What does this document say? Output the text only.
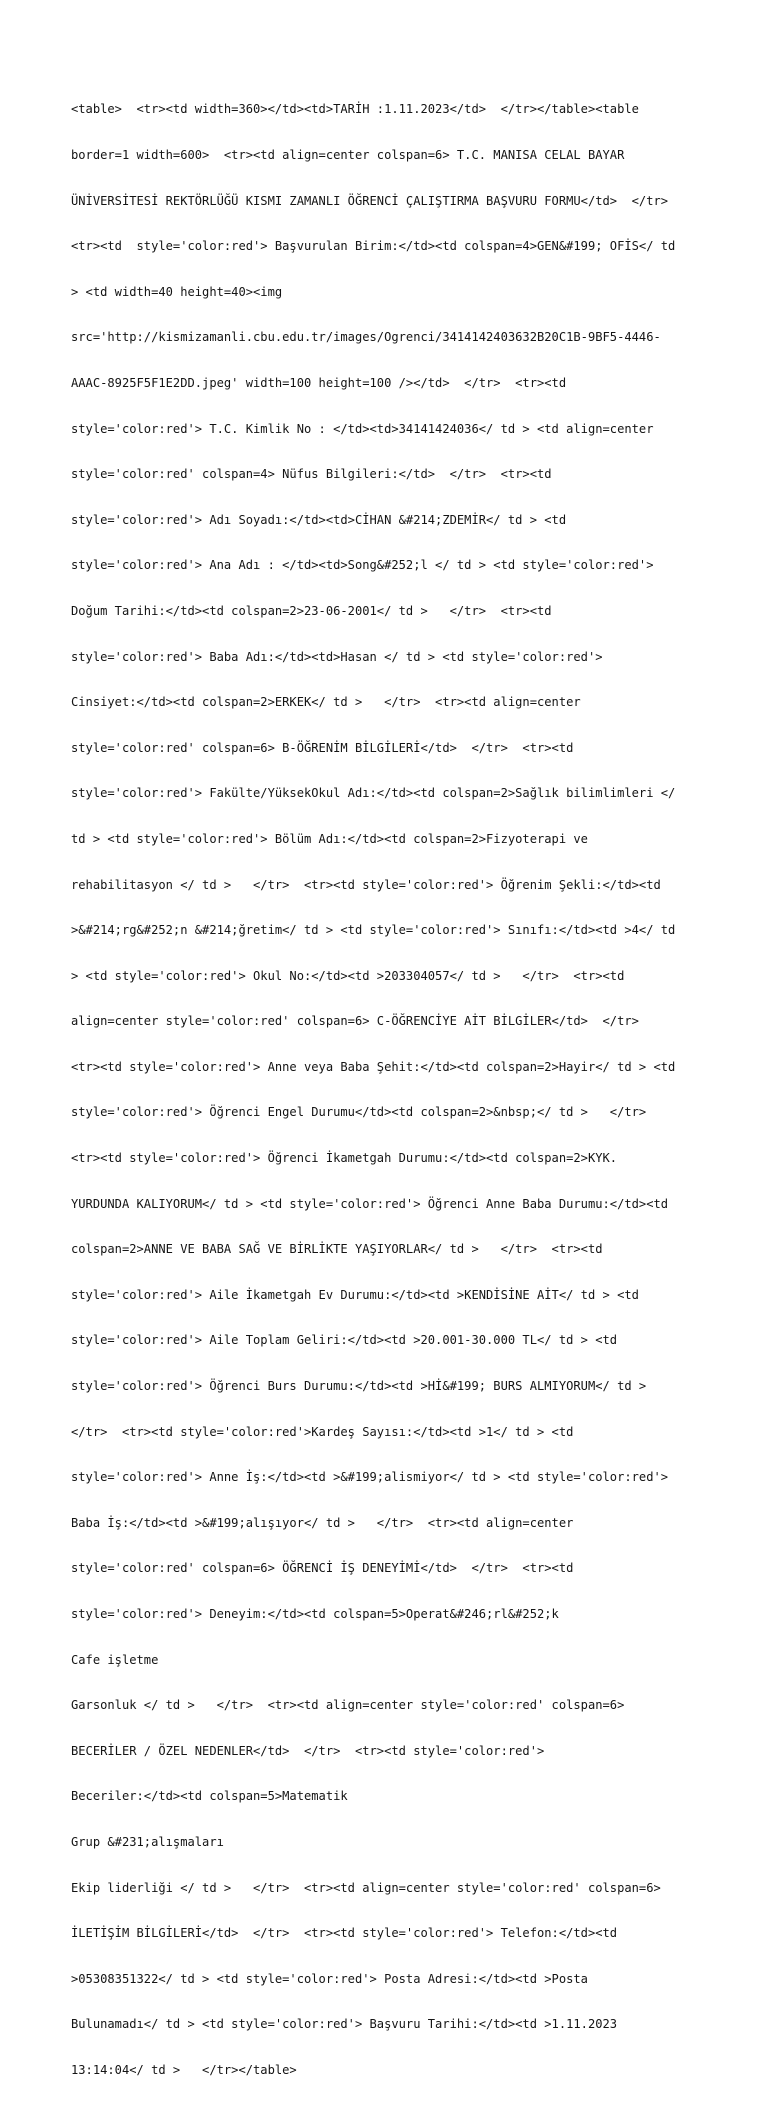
<table>  <tr><td width=360></td><td>TARİH :1.11.2023</td>  </tr></table><table

border=1 width=600>  <tr><td align=center colspan=6> T.C. MANISA CELAL BAYAR

ÜNİVERSİTESİ REKTÖRLÜĞÜ KISMI ZAMANLI ÖĞRENCİ ÇALIŞTIRMA BAŞVURU FORMU</td>  </tr>

<tr><td  style='color:red'> Başvurulan Birim:</td><td colspan=4>GEN&#199; OFİS</ td

> <td width=40 height=40><img

src='http://kismizamanli.cbu.edu.tr/images/Ogrenci/3414142403632B20C1B-9BF5-4446-

AAAC-8925F5F1E2DD.jpeg' width=100 height=100 /></td>  </tr>  <tr><td

style='color:red'> T.C. Kimlik No : </td><td>34141424036</ td > <td align=center

style='color:red' colspan=4> Nüfus Bilgileri:</td>  </tr>  <tr><td

style='color:red'> Adı Soyadı:</td><td>CİHAN &#214;ZDEMİR</ td > <td

style='color:red'> Ana Adı : </td><td>Song&#252;l </ td > <td style='color:red'>

Doğum Tarihi:</td><td colspan=2>23-06-2001</ td >   </tr>  <tr><td

style='color:red'> Baba Adı:</td><td>Hasan </ td > <td style='color:red'>

Cinsiyet:</td><td colspan=2>ERKEK</ td >   </tr>  <tr><td align=center

style='color:red' colspan=6> B-ÖĞRENİM BİLGİLERİ</td>  </tr>  <tr><td

style='color:red'> Fakülte/YüksekOkul Adı:</td><td colspan=2>Sağlık bilimlimleri </

td > <td style='color:red'> Bölüm Adı:</td><td colspan=2>Fizyoterapi ve

rehabilitasyon </ td >   </tr>  <tr><td style='color:red'> Öğrenim Şekli:</td><td

>&#214;rg&#252;n &#214;ğretim</ td > <td style='color:red'> Sınıfı:</td><td >4</ td

> <td style='color:red'> Okul No:</td><td >203304057</ td >   </tr>  <tr><td

align=center style='color:red' colspan=6> C-ÖĞRENCİYE AİT BİLGİLER</td>  </tr>

<tr><td style='color:red'> Anne veya Baba Şehit:</td><td colspan=2>Hayir</ td > <td

style='color:red'> Öğrenci Engel Durumu</td><td colspan=2>&nbsp;</ td >   </tr>

<tr><td style='color:red'> Öğrenci İkametgah Durumu:</td><td colspan=2>KYK.

YURDUNDA KALIYORUM</ td > <td style='color:red'> Öğrenci Anne Baba Durumu:</td><td

colspan=2>ANNE VE BABA SAĞ VE BİRLİKTE YAŞIYORLAR</ td >   </tr>  <tr><td

style='color:red'> Aile İkametgah Ev Durumu:</td><td >KENDİSİNE AİT</ td > <td

style='color:red'> Aile Toplam Geliri:</td><td >20.001-30.000 TL</ td > <td

style='color:red'> Öğrenci Burs Durumu:</td><td >Hİ&#199; BURS ALMIYORUM</ td >

</tr>  <tr><td style='color:red'>Kardeş Sayısı:</td><td >1</ td > <td

style='color:red'> Anne İş:</td><td >&#199;alismiyor</ td > <td style='color:red'>

Baba İş:</td><td >&#199;alışıyor</ td >   </tr>  <tr><td align=center

style='color:red' colspan=6> ÖĞRENCİ İŞ DENEYİMİ</td>  </tr>  <tr><td

style='color:red'> Deneyim:</td><td colspan=5>Operat&#246;rl&#252;k

Cafe işletme

Garsonluk </ td >   </tr>  <tr><td align=center style='color:red' colspan=6>

BECERİLER / ÖZEL NEDENLER</td>  </tr>  <tr><td style='color:red'>

Beceriler:</td><td colspan=5>Matematik

Grup &#231;alışmaları

Ekip liderliği </ td >   </tr>  <tr><td align=center style='color:red' colspan=6>

İLETİŞİM BİLGİLERİ</td>  </tr>  <tr><td style='color:red'> Telefon:</td><td

>05308351322</ td > <td style='color:red'> Posta Adresi:</td><td >Posta

Bulunamadı</ td > <td style='color:red'> Başvuru Tarihi:</td><td >1.11.2023

13:14:04</ td >   </tr></table>
